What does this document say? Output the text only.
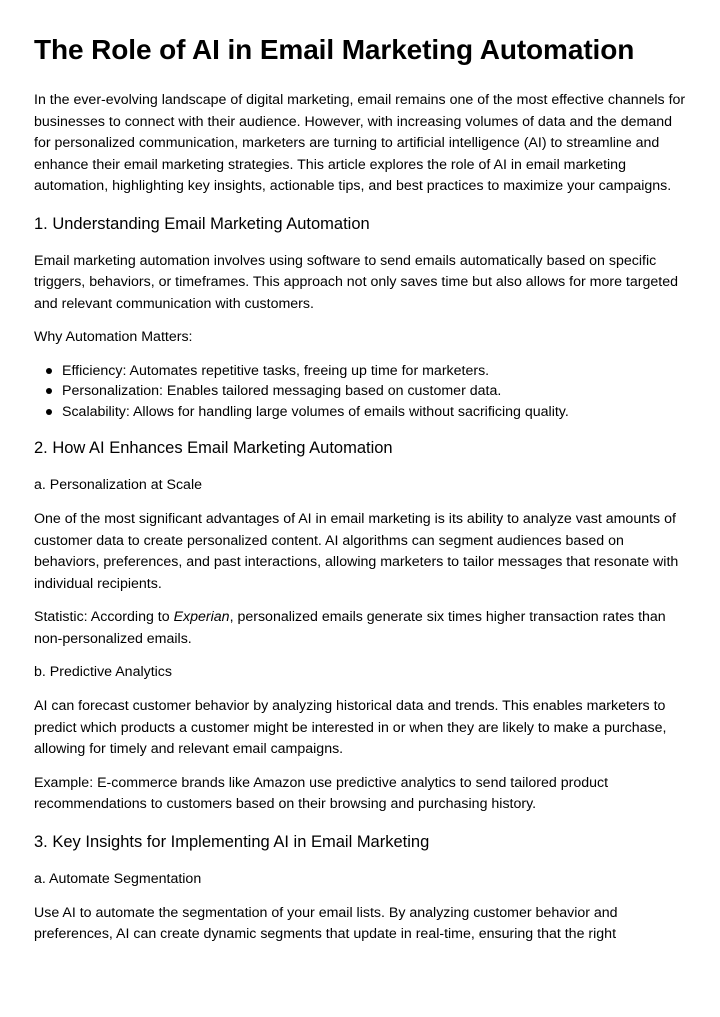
The Role of AI in Email Marketing Automation

In the ever-evolving landscape of digital marketing, email remains one of the most effective channels for businesses to connect with their audience. However, with increasing volumes of data and the demand for personalized communication, marketers are turning to artificial intelligence (AI) to streamline and enhance their email marketing strategies. This article explores the role of AI in email marketing automation, highlighting key insights, actionable tips, and best practices to maximize your campaigns.

1. Understanding Email Marketing Automation

Email marketing automation involves using software to send emails automatically based on specific triggers, behaviors, or timeframes. This approach not only saves time but also allows for more targeted and relevant communication with customers.

Why Automation Matters:

Efficiency: Automates repetitive tasks, freeing up time for marketers.
Personalization: Enables tailored messaging based on customer data.
Scalability: Allows for handling large volumes of emails without sacrificing quality.
2. How AI Enhances Email Marketing Automation
a. Personalization at Scale

One of the most significant advantages of AI in email marketing is its ability to analyze vast amounts of customer data to create personalized content. AI algorithms can segment audiences based on behaviors, preferences, and past interactions, allowing marketers to tailor messages that resonate with individual recipients.

Statistic: According to Experian, personalized emails generate six times higher transaction rates than non-personalized emails.

b. Predictive Analytics

AI can forecast customer behavior by analyzing historical data and trends. This enables marketers to predict which products a customer might be interested in or when they are likely to make a purchase, allowing for timely and relevant email campaigns.

Example: E-commerce brands like Amazon use predictive analytics to send tailored product recommendations to customers based on their browsing and purchasing history.

3. Key Insights for Implementing AI in Email Marketing
a. Automate Segmentation

Use AI to automate the segmentation of your email lists. By analyzing customer behavior and preferences, AI can create dynamic segments that update in real-time, ensuring that the right
